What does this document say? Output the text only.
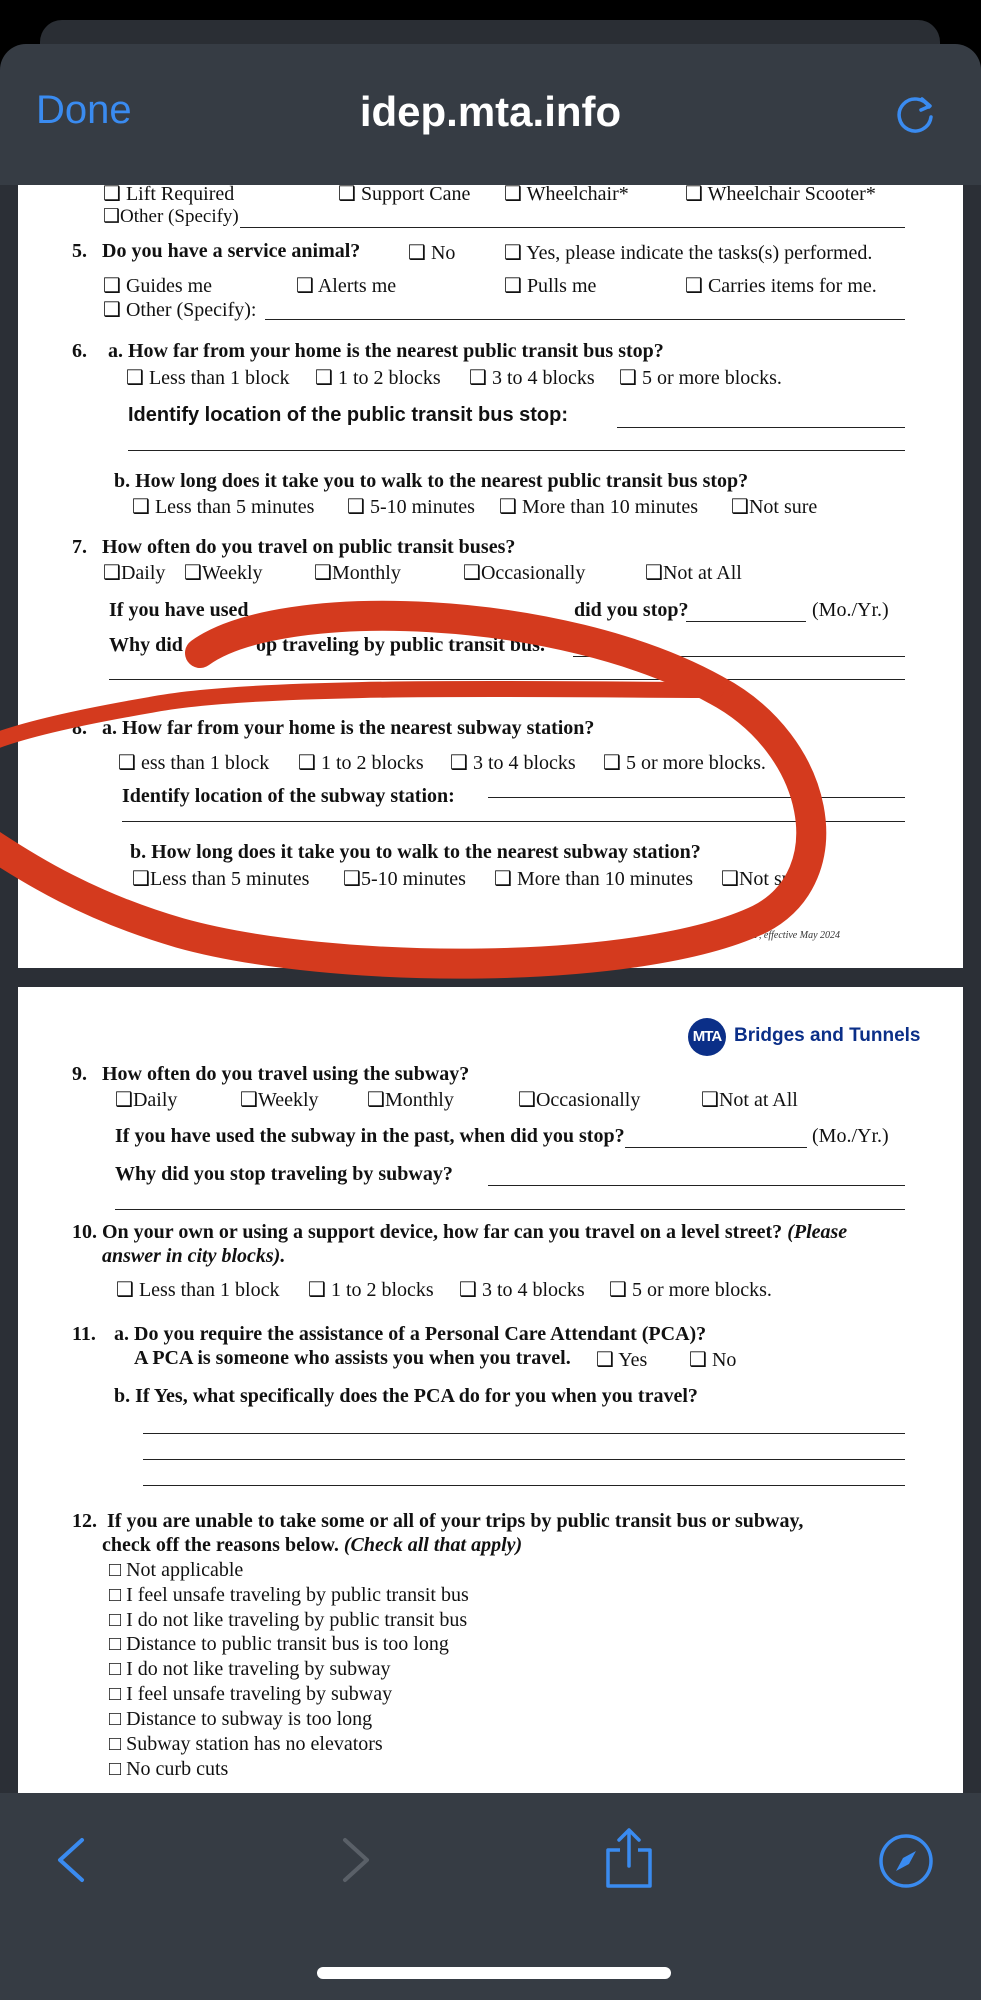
Done	idep.mta.info
❑ Lift Required	❑ Support Cane ❑ Wheelchair*	❑ Wheelchair Scooter*
❑Other (Specify)
5. Do you have a service animal? ❑ No ❑ Yes, please indicate the tasks(s) performed.
❑ Guides me	❑ Alerts me	❑ Pulls me	❑ Carries items for me.
❑ Other (Specify):
6. a. How far from your home is the nearest public transit bus stop?
❑ Less than 1 block ❑ 1 to 2 blocks ❑ 3 to 4 blocks ❑ 5 or more blocks.
Identify location of the public transit bus stop:
b. How long does it take you to walk to the nearest public transit bus stop?
❑ Less than 5 minutes ❑ 5-10 minutes ❑ More than 10 minutes ❑Not sure
7. How often do you travel on public transit buses?
❑Daily ❑Weekly	❑Monthly	❑Occasionally	❑Not at All
If you have used	did you stop?	(Mo./Yr.)
Why did	op traveling by public transit bus.
8. a. How far from your home is the nearest subway station?
❑ ess than 1 block ❑ 1 to 2 blocks ❑ 3 to 4 blocks ❑ 5 or more blocks.
Identify location of the subway station:
b. How long does it take you to walk to the nearest subway station?
❑Less than 5 minutes ❑5-10 minutes ❑ More than 10 minutes ❑Not sure
EP, effective May 2024
MTA Bridges and Tunnels
9. How often do you travel using the subway?
❑Daily	❑Weekly ❑Monthly	❑Occasionally	❑Not at All
If you have used the subway in the past, when did you stop?	(Mo./Yr.)
Why did you stop traveling by subway?
10. On your own or using a support device, how far can you travel on a level street? (Please
answer in city blocks).
❑ Less than 1 block ❑ 1 to 2 blocks ❑ 3 to 4 blocks ❑ 5 or more blocks.
11. a. Do you require the assistance of a Personal Care Attendant (PCA)?
A PCA is someone who assists you when you travel. ❑ Yes ❑ No
b. If Yes, what specifically does the PCA do for you when you travel?
12. If you are unable to take some or all of your trips by public transit bus or subway,
check off the reasons below. (Check all that apply)
□ Not applicable
□ I feel unsafe traveling by public transit bus
□ I do not like traveling by public transit bus
□ Distance to public transit bus is too long
□ I do not like traveling by subway
□ I feel unsafe traveling by subway
□ Distance to subway is too long
□ Subway station has no elevators
□ No curb cuts
